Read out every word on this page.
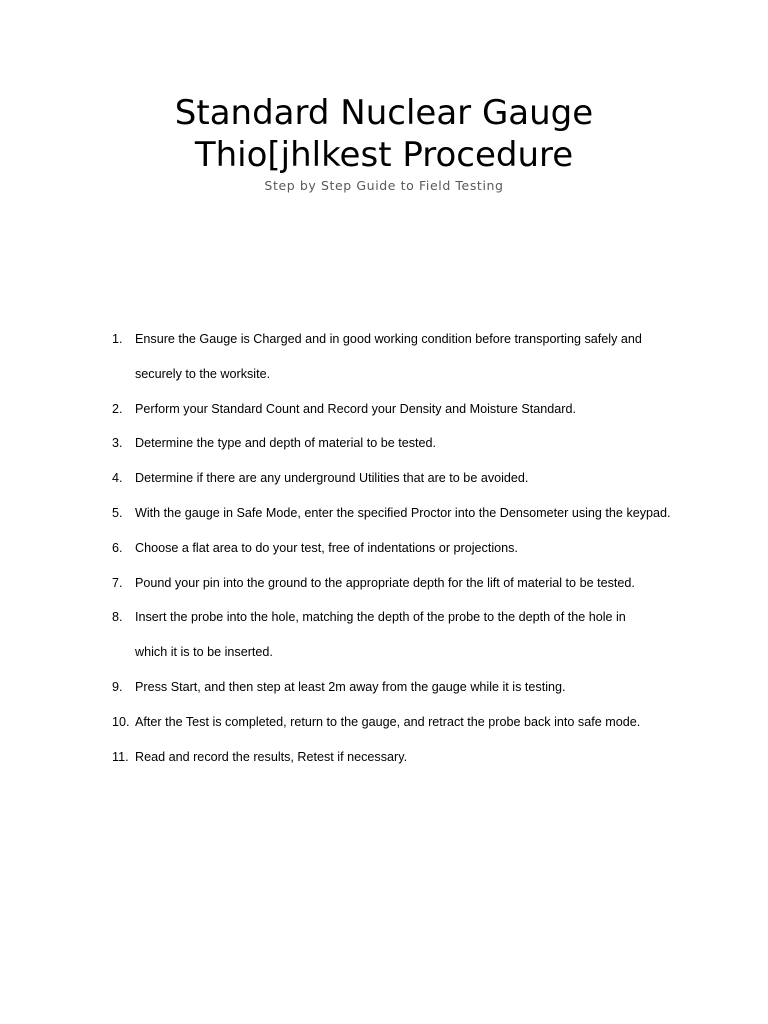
Standard Nuclear Gauge
Thio[jhlkest Procedure
Step by Step Guide to Field Testing
1. Ensure the Gauge is Charged and in good working condition before transporting safely and
securely to the worksite.
2. Perform your Standard Count and Record your Density and Moisture Standard.
3. Determine the type and depth of material to be tested.
4. Determine if there are any underground Utilities that are to be avoided.
5. With the gauge in Safe Mode, enter the specified Proctor into the Densometer using the keypad.
6. Choose a flat area to do your test, free of indentations or projections.
7. Pound your pin into the ground to the appropriate depth for the lift of material to be tested.
8. Insert the probe into the hole, matching the depth of the probe to the depth of the hole in
which it is to be inserted.
9. Press Start, and then step at least 2m away from the gauge while it is testing.
10. After the Test is completed, return to the gauge, and retract the probe back into safe mode.
11. Read and record the results, Retest if necessary.
